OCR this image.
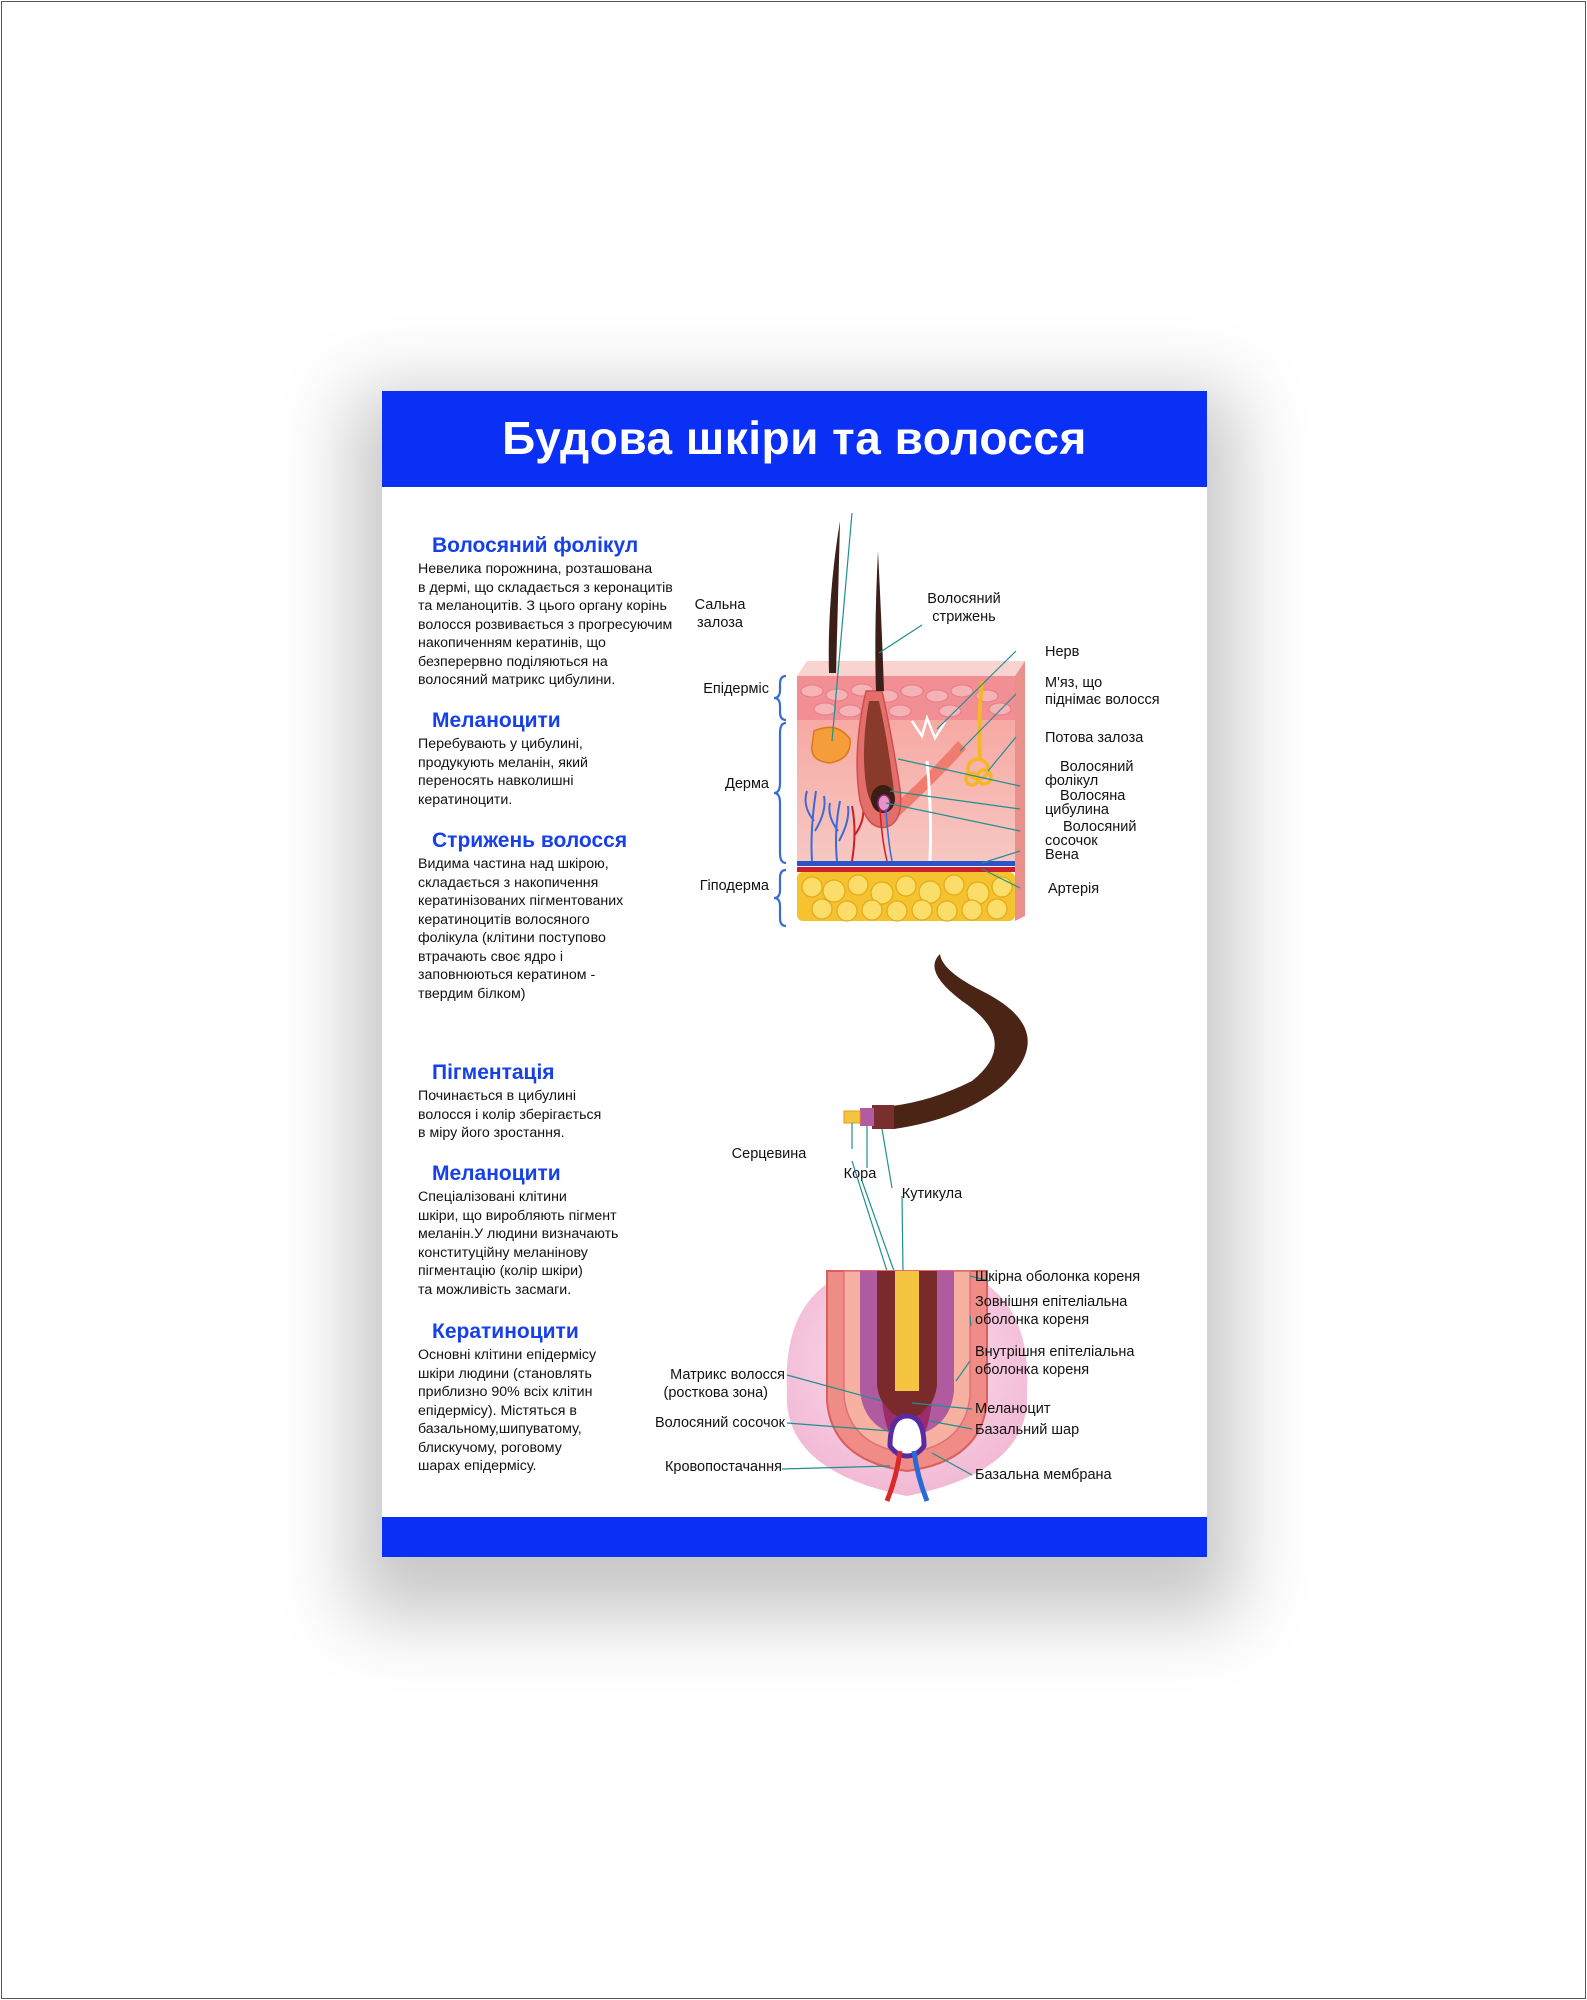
Будова шкіри та волосся
Волосяний фолікул

Невелика порожнина, розташована
в дермі, що складається з керонацитів
та меланоцитів. З цього органу корінь
волосся розвивається з прогресуючим
накопиченням кератинів, що
безперервно поділяються на
волосяний матрикс цибулини.

Меланоцити

Перебувають у цибулині,
продукують меланін, який
переносять навколишні
кератиноцити.

Стрижень волосся

Видима частина над шкірою,
складається з накопичення
кератинізованих пігментованих
кератиноцитів волосяного
фолікула (клітини поступово
втрачають своє ядро і
заповнюються кератином -
твердим білком)

Пігментація

Починається в цибулині
волосся і колір зберігається
в міру його зростання.

Меланоцити

Спеціалізовані клітини
шкіри, що виробляють пігмент
меланін.У людини визначають
конституційну меланінову
пігментацію (колір шкіри)
та можливість засмаги.

Кератиноцити

Основні клітини епідермісу
шкіри людини (становлять
приблизно 90% всіх клітин
епідермісу). Містяться в
базальному,шипуватому,
блискучому, роговому
шарах епідермісу.

Сальна
залоза
Волосяний
стрижень
Епідерміс
Дерма
Гіподерма
Нерв
М'яз, що
піднімає волосся
Потова залоза
Волосяний
фолікул
Волосяна
цибулина
Волосяний
сосочок
Вена
Артерія
Серцевина
Кора
Кутикула
Матрикс волосся
(росткова зона)
Волосяний сосочок
Кровопостачання
Шкірна оболонка кореня
Зовнішня епітеліальна
оболонка кореня
Внутрішня епітеліальна
оболонка кореня
Меланоцит
Базальний шар
Базальна мембрана
